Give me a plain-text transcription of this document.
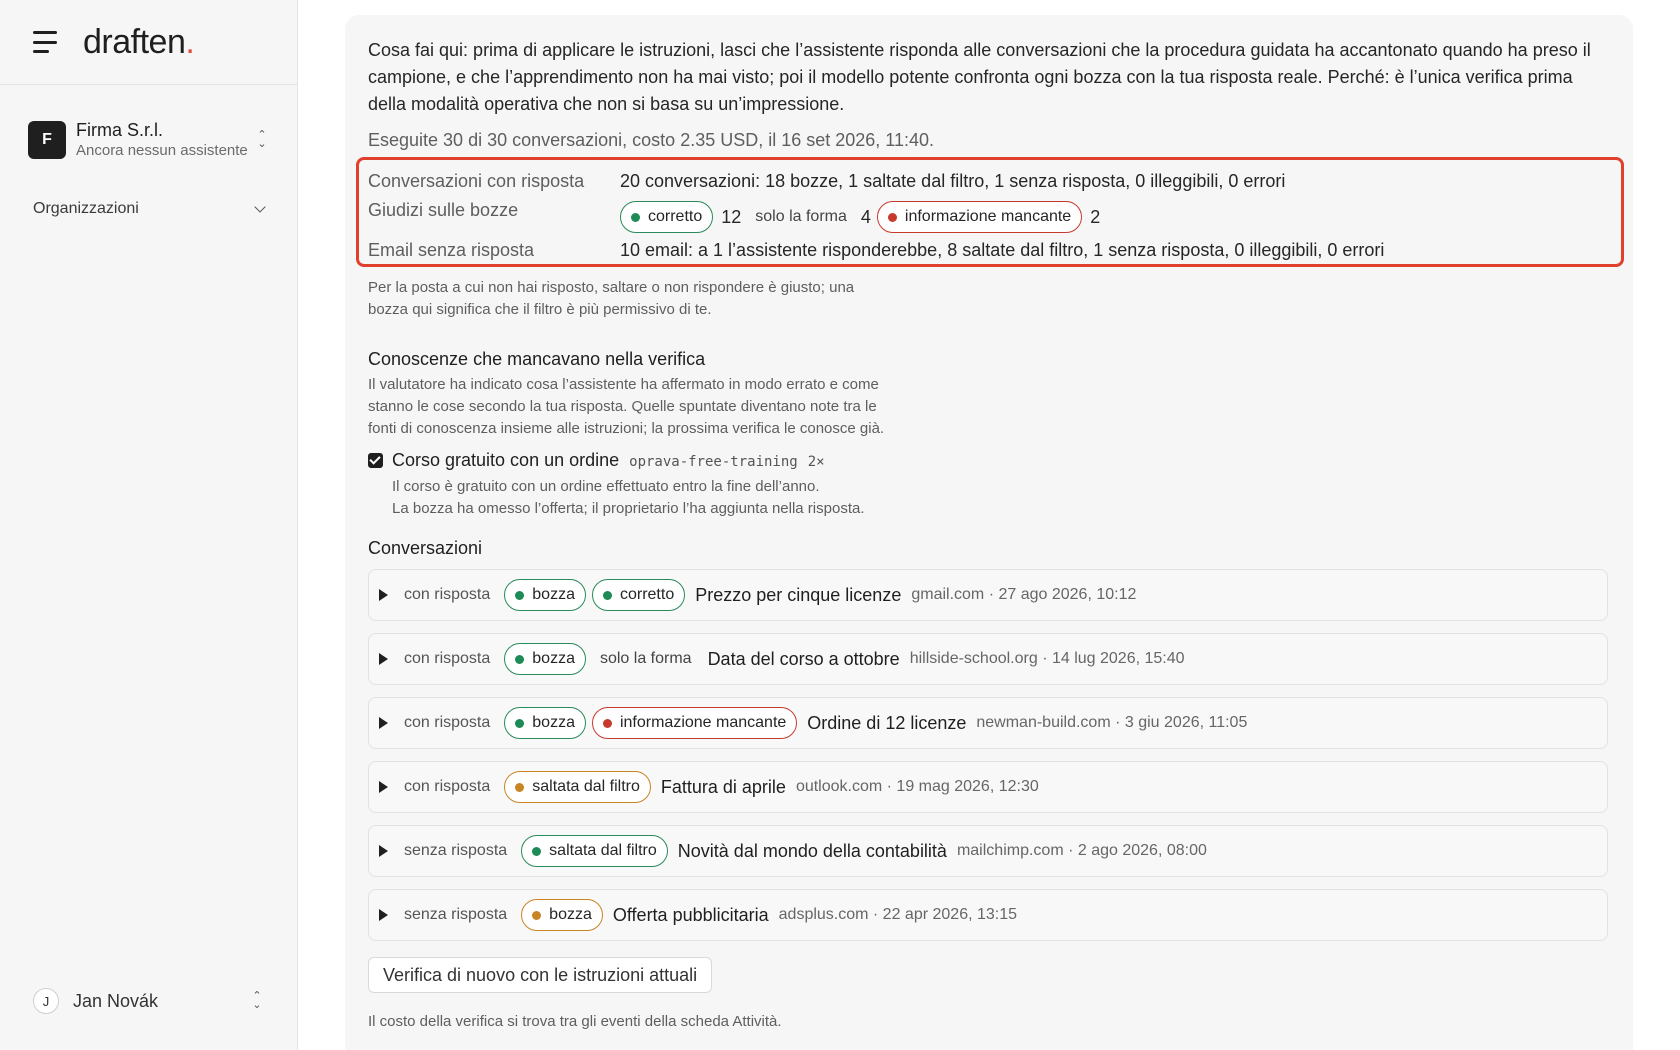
draften.
F	Firma S.r.l.
Ancora nessun assistente
⌃
⌄
Organizzazioni
J	Jan Novák	⌃
⌄

Cosa fai qui: prima di applicare le istruzioni, lasci che l’assistente risponda alle conversazioni che la procedura guidata ha accantonato quando ha preso il campione, e che l’apprendimento non ha mai visto; poi il modello potente confronta ogni bozza con la tua risposta reale. Perché: è l’unica verifica prima della modalità operativa che non si basa su un’impressione.

Eseguite 30 di 30 conversazioni, costo 2.35 USD, il 16 set 2026, 11:40.

Conversazioni con risposta	20 conversazioni: 18 bozze, 1 saltate dal filtro, 1 senza risposta, 0 illeggibili, 0 errori
Giudizi sulle bozze	corretto 12 solo la forma 4 informazione mancante 2
Email senza risposta	10 email: a 1 l’assistente risponderebbe, 8 saltate dal filtro, 1 senza risposta, 0 illeggibili, 0 errori

Per la posta a cui non hai risposto, saltare o non rispondere è giusto; una bozza qui significa che il filtro è più permissivo di te.

Conoscenze che mancavano nella verifica

Il valutatore ha indicato cosa l’assistente ha affermato in modo errato e come stanno le cose secondo la tua risposta. Quelle spuntate diventano note tra le fonti di conoscenza insieme alle istruzioni; la prossima verifica le conosce già.

Corso gratuito con un ordine oprava-free-training 2×
Il corso è gratuito con un ordine effettuato entro la fine dell’anno.
La bozza ha omesso l’offerta; il proprietario l’ha aggiunta nella risposta.
Conversazioni
con risposta	bozza	corretto Prezzo per cinque licenze gmail.com · 27 ago 2026, 10:12
con risposta	bozza solo la forma Data del corso a ottobre hillside-school.org · 14 lug 2026, 15:40
con risposta	bozza	informazione mancante Ordine di 12 licenze newman-build.com · 3 giu 2026, 11:05
con risposta	saltata dal filtro Fattura di aprile outlook.com · 19 mag 2026, 12:30
senza risposta	saltata dal filtro Novità dal mondo della contabilità mailchimp.com · 2 ago 2026, 08:00
senza risposta	bozza Offerta pubblicitaria adsplus.com · 22 apr 2026, 13:15
Verifica di nuovo con le istruzioni attuali

Il costo della verifica si trova tra gli eventi della scheda Attività.
